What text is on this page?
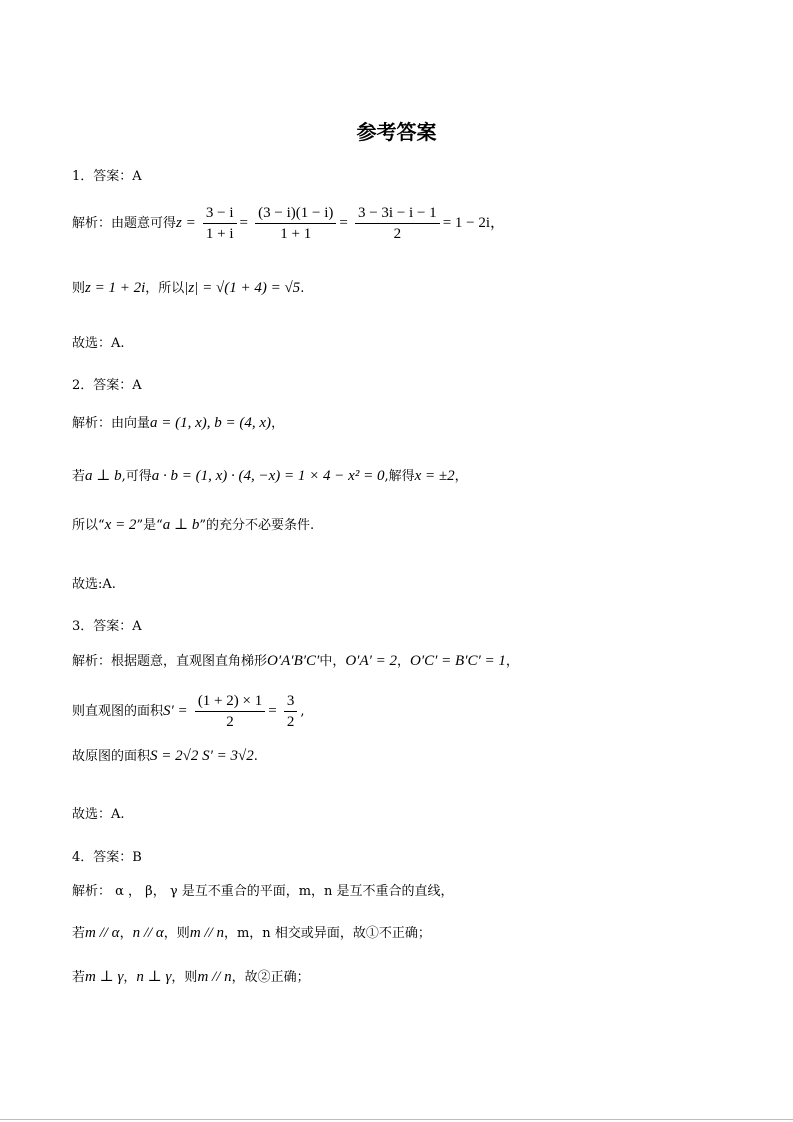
参考答案
1．答案：A
解析：由题意可得$z = \frac{3 - i}{1 + i} = \frac{(3 - i)(1 - i)}{1 + 1} = \frac{3 - 3i - i - 1}{2} = 1 - 2i$，
则z = 1 + 2i，所以|z| = √(1 + 4) = √5.
故选：A.
2．答案：A
解析：由向量a = (1, x), b = (4, x)，
若a ⊥ b,可得a · b = (1, x) · (4, −x) = 1 × 4 − x² = 0,解得x = ±2，
所以“x = 2”是“a ⊥ b”的充分不必要条件.
故选:A.
3．答案：A
解析：根据题意，直观图直角梯形O′A′B′C′中，O′A′ = 2，O′C′ = B′C′ = 1，
则直观图的面积$S' = \frac{(1 + 2) \times 1}{2} = \frac{3}{2}$ ,
故原图的面积S = 2√2 S′ = 3√2.
故选：A.
4．答案：B
解析： α ， β， γ 是互不重合的平面，m，n 是互不重合的直线，
若m // α，n // α，则m // n，m，n 相交或异面，故①不正确；
若m ⊥ γ，n ⊥ γ，则m // n，故②正确；
